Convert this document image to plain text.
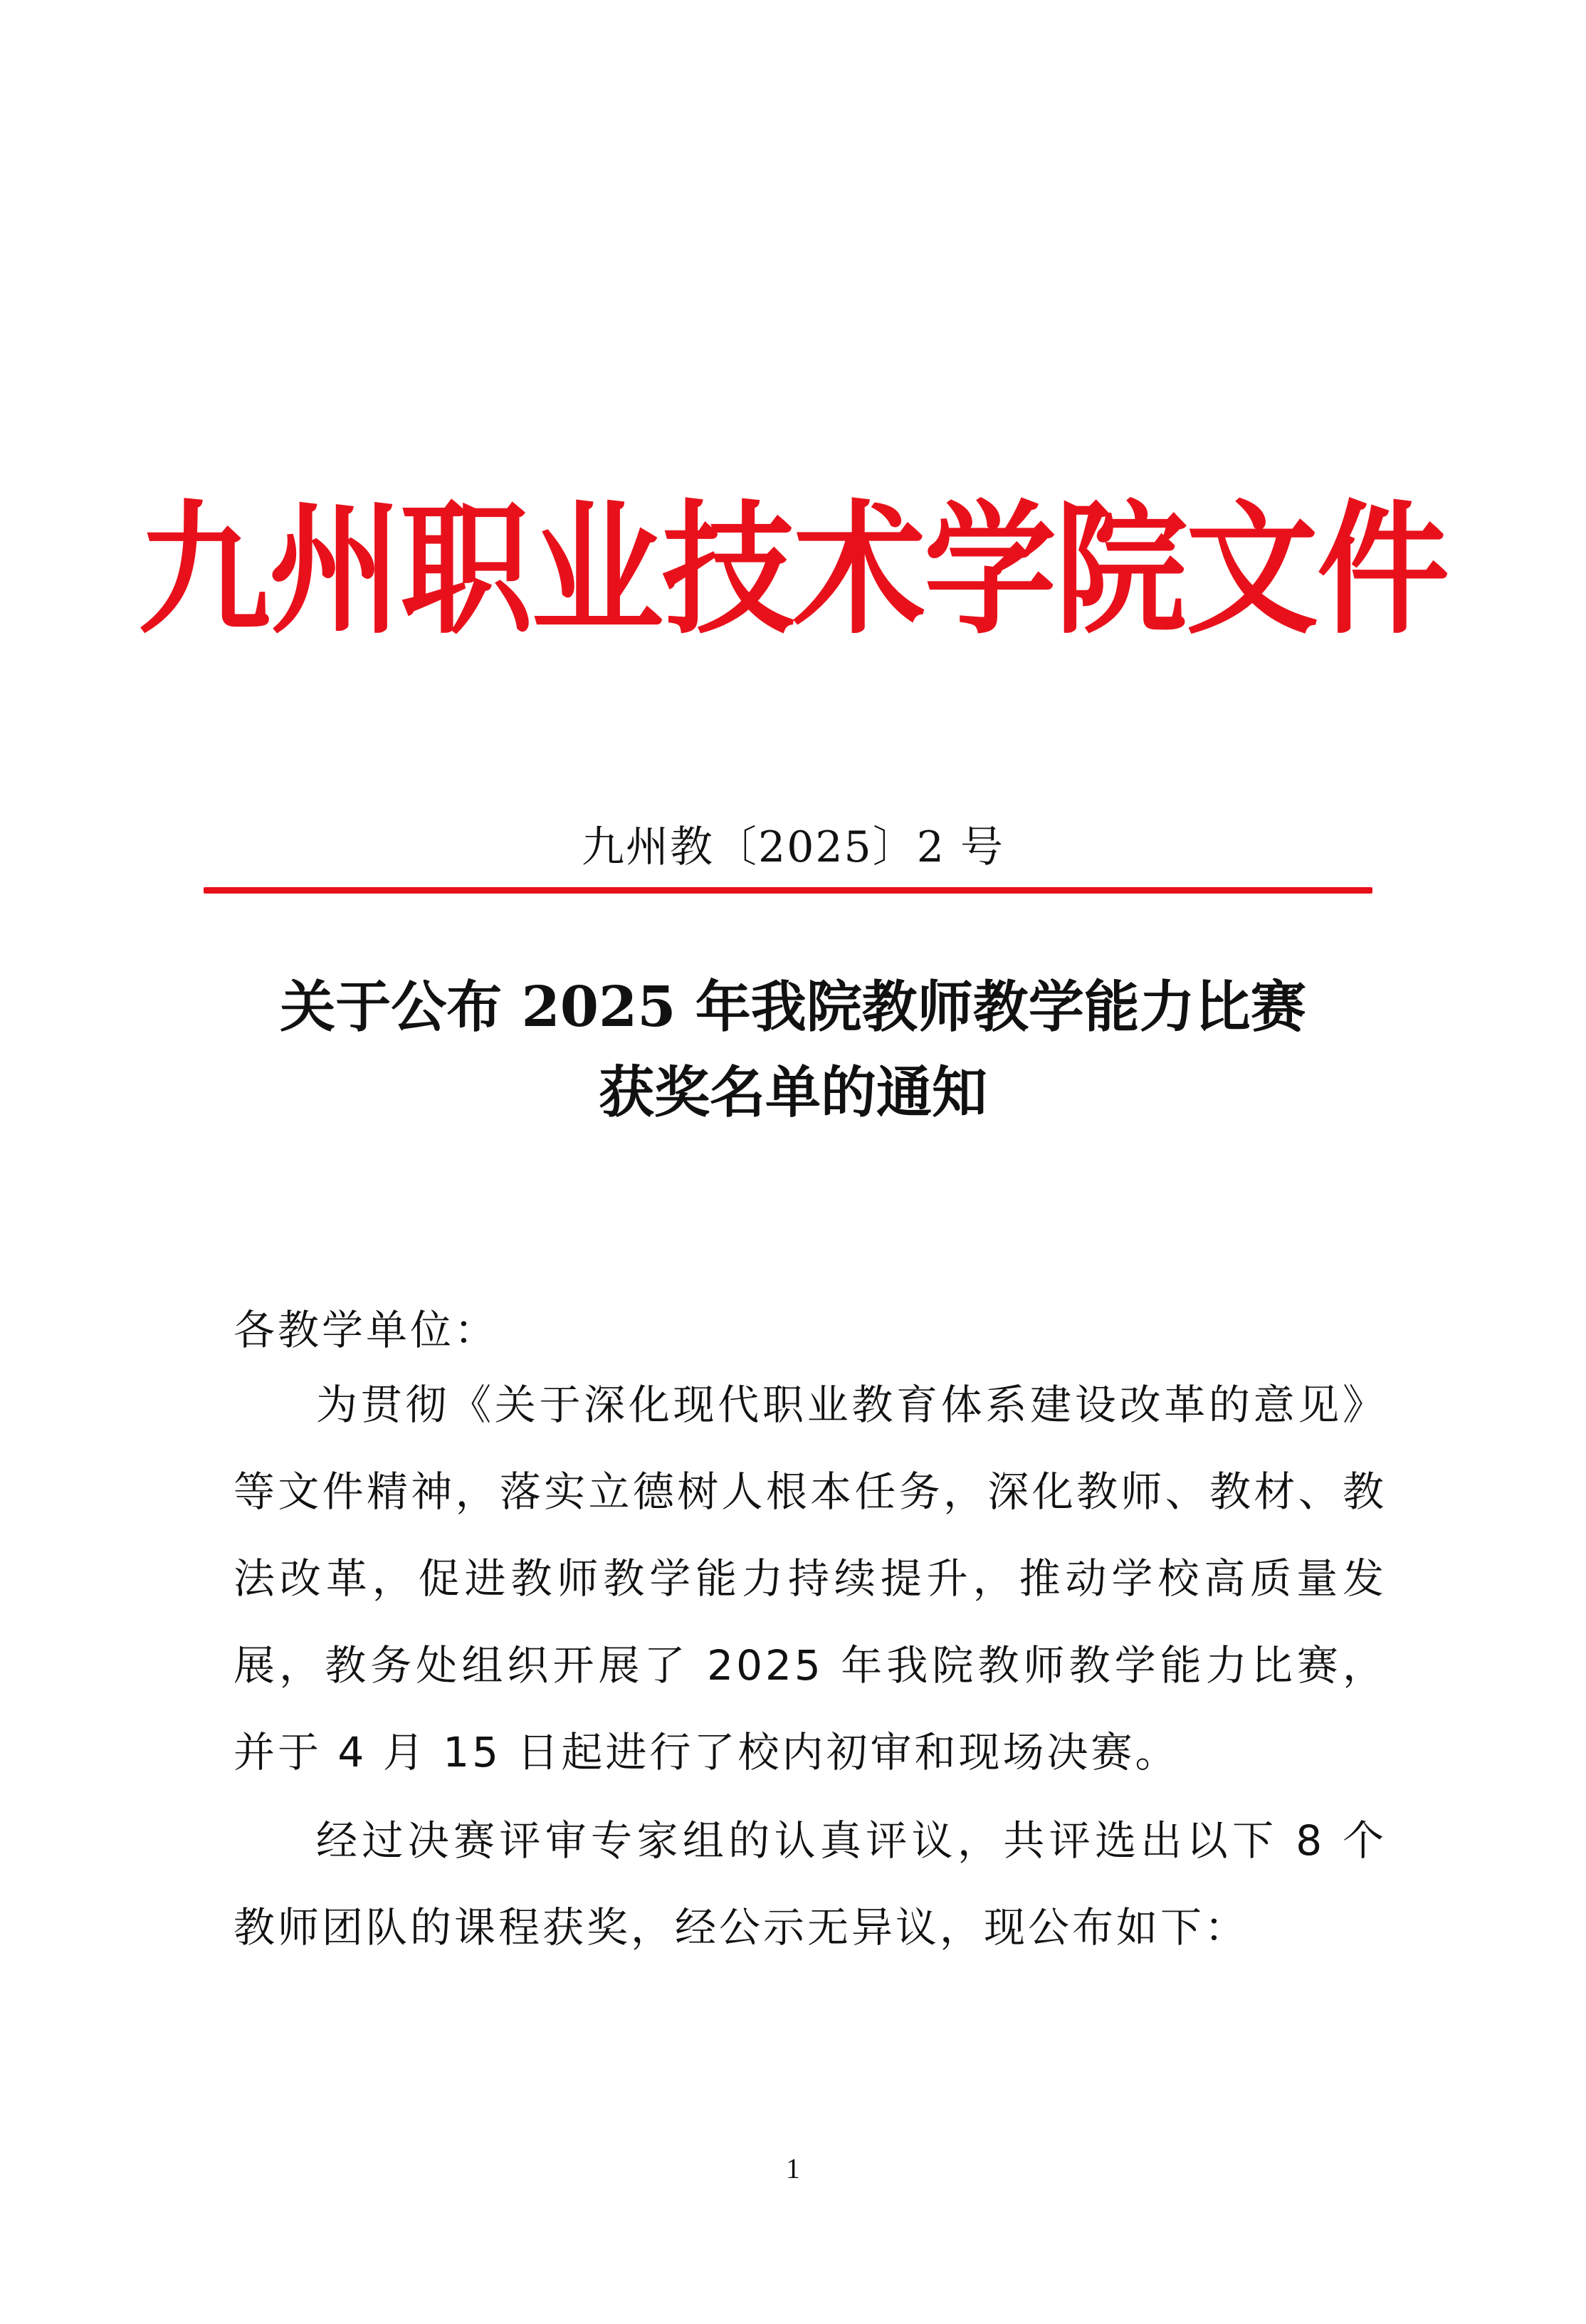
九州职业技术学院文件
九州教〔2025〕2 号
关于公布 2025 年我院教师教学能力比赛
获奖名单的通知
各教学单位：
为贯彻《关于深化现代职业教育体系建设改革的意见》等文件精神，落实立德树人根本任务，深化教师、教材、教法改革，促进教师教学能力持续提升，推动学校高质量发展，教务处组织开展了 2025 年我院教师教学能力比赛，并于 4 月 15 日起进行了校内初审和现场决赛。
经过决赛评审专家组的认真评议，共评选出以下 8 个教师团队的课程获奖，经公示无异议，现公布如下：
1
